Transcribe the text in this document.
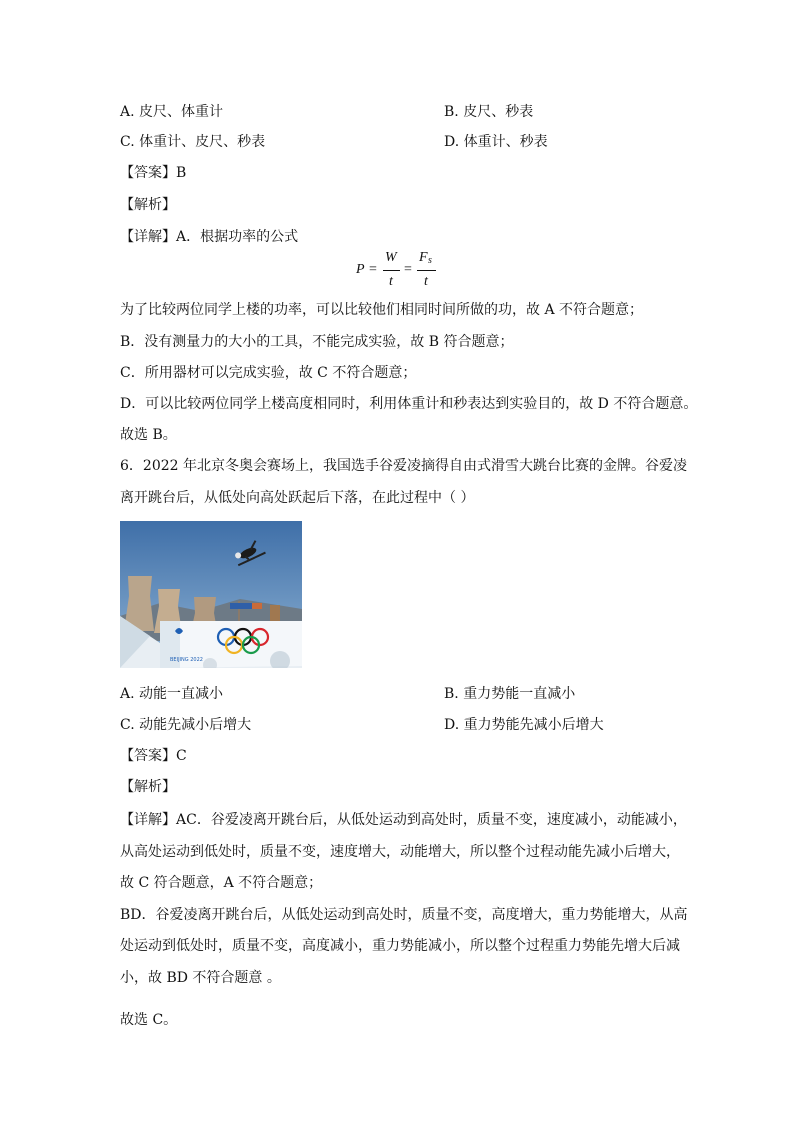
A. 皮尺、体重计	B. 皮尺、秒表
C. 体重计、皮尺、秒表	D. 体重计、秒表
【答案】B
【解析】
【详解】A．根据功率的公式
P =
W
t
=
F s
t
为了比较两位同学上楼的功率，可以比较他们相同时间所做的功，故 A 不符合题意；
B．没有测量力的大小的工具，不能完成实验，故 B 符合题意；
C．所用器材可以完成实验，故 C 不符合题意；
D．可以比较两位同学上楼高度相同时，利用体重计和秒表达到实验目的，故 D 不符合题意。
故选 B。
6．2022 年北京冬奥会赛场上，我国选手谷爱凌摘得自由式滑雪大跳台比赛的金牌。谷爱凌
离开跳台后，从低处向高处跃起后下落，在此过程中（ ）
BEIJING 2022
A. 动能一直减小	B. 重力势能一直减小
C. 动能先减小后增大	D. 重力势能先减小后增大
【答案】C
【解析】
【详解】AC．谷爱凌离开跳台后，从低处运动到高处时，质量不变，速度减小，动能减小，
从高处运动到低处时，质量不变，速度增大，动能增大，所以整个过程动能先减小后增大，
故 C 符合题意，A 不符合题意；
BD．谷爱凌离开跳台后，从低处运动到高处时，质量不变，高度增大，重力势能增大，从高
处运动到低处时，质量不变，高度减小，重力势能减小，所以整个过程重力势能先增大后减
小，故 BD 不符合题意 。
故选 C。
